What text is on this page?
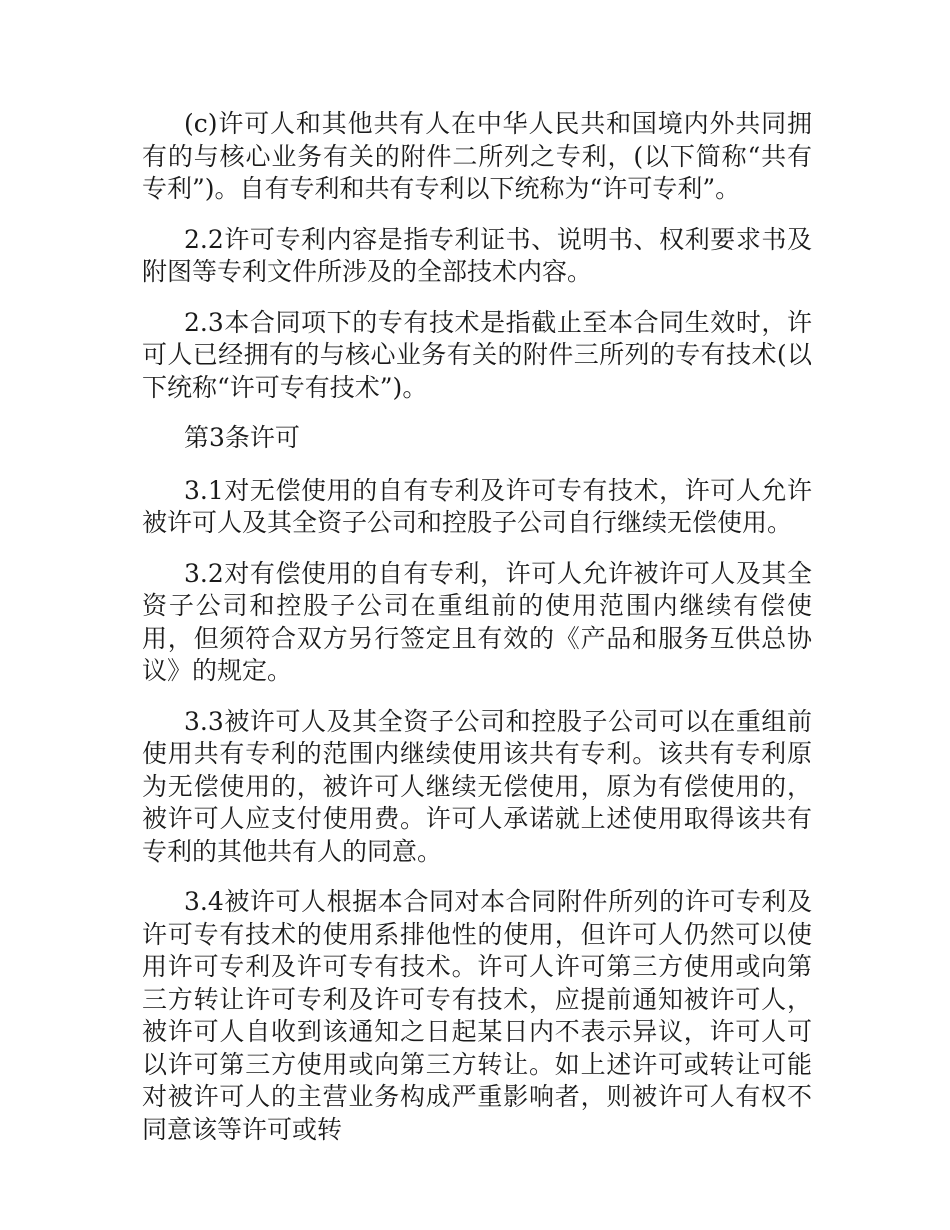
(c)许可人和其他共有人在中华人民共和国境内外共同拥有的与核心业务有关的附件二所列之专利，(以下简称“共有专利”)。自有专利和共有专利以下统称为“许可专利”。

2.2许可专利内容是指专利证书、说明书、权利要求书及附图等专利文件所涉及的全部技术内容。

2.3本合同项下的专有技术是指截止至本合同生效时，许可人已经拥有的与核心业务有关的附件三所列的专有技术(以下统称“许可专有技术”)。

第3条许可

3.1对无偿使用的自有专利及许可专有技术，许可人允许被许可人及其全资子公司和控股子公司自行继续无偿使用。

3.2对有偿使用的自有专利，许可人允许被许可人及其全资子公司和控股子公司在重组前的使用范围内继续有偿使用，但须符合双方另行签定且有效的《产品和服务互供总协议》的规定。

3.3被许可人及其全资子公司和控股子公司可以在重组前使用共有专利的范围内继续使用该共有专利。该共有专利原为无偿使用的，被许可人继续无偿使用，原为有偿使用的，被许可人应支付使用费。许可人承诺就上述使用取得该共有专利的其他共有人的同意。

3.4被许可人根据本合同对本合同附件所列的许可专利及许可专有技术的使用系排他性的使用，但许可人仍然可以使用许可专利及许可专有技术。许可人许可第三方使用或向第三方转让许可专利及许可专有技术，应提前通知被许可人，被许可人自收到该通知之日起某日内不表示异议，许可人可以许可第三方使用或向第三方转让。如上述许可或转让可能对被许可人的主营业务构成严重影响者，则被许可人有权不同意该等许可或转
